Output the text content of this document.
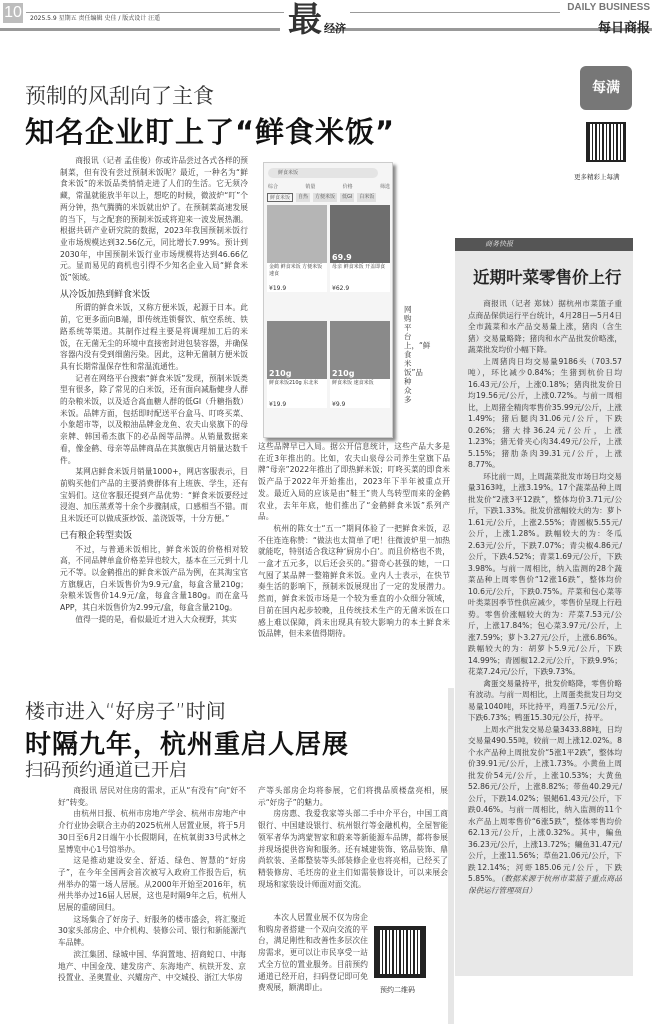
10 2025.5.9 星期五 责任编辑 史佳 / 版式设计 汪遥	最 经济
DAILY BUSINESS
每日商报
每满
更多精彩上每满
预制的风刮向了主食
知名企业盯上了“鲜食米饭”

商报讯（记者 孟佳俊）你或许品尝过各式各样的预制菜，但有没有尝过预制米饭呢？最近，一种名为“鲜食米饭”的米饭品类悄悄走进了人们的生活。它无须冷藏，常温就能放半年以上，想吃的时候，微波炉“叮”个两分钟，热气腾腾的米饭就出炉了。在预制菜高速发展的当下，与之配套的预制米饭或将迎来一波发展热潮。根据共研产业研究院的数据，2023年我国预制米饭行业市场规模达到32.56亿元，同比增长7.99%。预计到2030年，中国预制米饭行业市场规模将达到46.66亿元。显而易见的商机也引得不少知名企业入局“鲜食米饭”领域。

从冷饭加热到鲜食米饭

所谓的鲜食米饭，又称方便米饭，起源于日本。此前，它更多面向B端，即传统连锁餐饮、航空系统、铁路系统等渠道。其制作过程主要是将调理加工后的米饭，在无菌无尘的环境中直接密封进包装容器，并确保容器内没有受到细菌污染。因此，这种无菌制方便米饭具有长期常温保存性和常温流通性。

记者在网络平台搜索“鲜食米饭”发现，预制米饭类型有很多，除了常见的白米饭，还有面向减脂健身人群的杂粮米饭，以及适合高血糖人群的低GI（升糖指数）米饭。品牌方面，包括即时配送平台盒马、叮咚买菜、小象超市等，以及粮油品牌金龙鱼、农夫山泉旗下的母亲牌、韩国希杰旗下的必品阁等品牌。从销量数据来看，像金鹤、母亲等品牌商品在其旗舰店月销量达数千件。

某网店鲜食米饭月销量1000+，网店客服表示，目前购买他们产品的主要消费群体有上班族、学生，还有宝妈们。这位客服还提到产品优势：“鲜食米饭要经过浸泡、加压蒸煮等十余个步骤制成，口感相当不错。而且米饭还可以做成蛋炒饭、盖浇饭等，十分方便。”

已有粮企转型卖饭

不过，与普通米饭相比，鲜食米饭的价格相对较高，不同品牌单盒价格差异也较大，基本在三元到十几元不等。以金鹤推出的鲜食米饭产品为例，在其淘宝官方旗舰店，白米饭售价为9.9元/盒，每盒含量210g；杂粮米饭售价14.9元/盒，每盒含量180g。而在盒马APP，其白米饭售价为2.99元/盒，每盒含量210g。

值得一提的是，看似最近才进入大众视野，其实

鲜食米饭
综合	销量	价格	筛选
鲜食米饭	自热	方便米饭	低GI	白米饭
金鹤 鲜食米饭 方便米饭速食
¥19.9
69.9
母亲 鲜食米饭 开盖即食
¥62.9
210g
鲜食米饭210g 东北米
¥19.9
210g
鲜食米饭 速食米饭
¥9.9
网购平台上，“鲜食米饭”品种众多

这些品牌早已入局。据公开信息统计，这些产品大多是在近3年推出的。比如，农夫山泉母公司养生堂旗下品牌“母亲”2022年推出了即热鲜米饭；叮咚买菜的即食米饭产品于2022年开始推出，2023年下半年被重点开发。最近入局的应该是由“鞋王”贵人鸟转型而来的金鹤农业，去年年底，他们推出了“金鹤鲜食米饭”系列产品。

杭州的陈女士“五一”期间体验了一把鲜食米饭，忍不住连连称赞：“做法也太简单了吧！往微波炉里一加热就能吃，特别适合我这种‘厨房小白’。而且价格也不贵，一盒才五元多，以后还会买的。”猎奇心甚强的她，一口气囤了某品牌一整箱鲜食米饭。业内人士表示，在快节奏生活的影响下，预制米饭展现出了一定的发展潜力。然而，鲜食米饭市场是一个较为垂直的小众细分领域，目前在国内起步较晚，且传统技术生产的无菌米饭在口感上难以保障，尚未出现具有较大影响力的本土鲜食米饭品牌，但未来值得期待。

商务快报
近期叶菜零售价上行

商报讯（记者 郑妹）据杭州市菜篮子重点商品保供运行平台统计，4月28日—5月4日全市蔬菜和水产品交易量上涨，猪肉（含生猪）交易量略降；猪肉和水产品批发价略涨，蔬菜批发均价小幅下降。

上周猪肉日均交易量9186头（703.57吨），环比减少0.84%；生猪到杭价日均16.43元/公斤，上涨0.18%；猪肉批发价日均19.56元/公斤，上涨0.72%。与前一周相比，上周猪全精肉零售价35.99元/公斤，上涨1.49%；猪后腿肉31.06元/公斤，下跌0.26%；猪大排36.24元/公斤，上涨1.23%；猪无骨夹心肉34.49元/公斤，上涨5.15%；猪肋条肉39.31元/公斤，上涨8.77%。

环比前一周，上周蔬菜批发市场日均交易量3163吨，上涨3.19%。17个蔬菜品种上周批发价“2涨3平12跌”，整体均价3.71元/公斤，下跌1.33%。批发价涨幅较大的为：萝卜1.61元/公斤，上涨2.55%；青圆椒5.55元/公斤，上涨1.28%。跌幅较大的为：冬瓜2.63元/公斤，下跌7.07%；青尖椒4.86元/公斤，下跌4.52%；青菜1.69元/公斤，下跌3.98%。与前一周相比，纳入监测的28个蔬菜品种上周零售价“12涨16跌”，整体均价10.6元/公斤，下跌0.75%。芹菜和包心菜等叶类菜因季节性供应减少，零售价呈现上行趋势。零售价涨幅较大的为：芹菜7.53元/公斤，上涨17.84%；包心菜3.97元/公斤，上涨7.59%；萝卜3.27元/公斤，上涨6.86%。跌幅较大的为：胡萝卜5.9元/公斤，下跌14.99%；青圆椒12.2元/公斤，下跌9.9%；花菜7.24元/公斤，下跌9.73%。

禽蛋交易量持平，批发价略降，零售价略有波动。与前一周相比，上周蛋类批发日均交易量1040吨，环比持平，鸡蛋7.5元/公斤，下跌6.73%；鸭蛋15.30元/公斤，持平。

上周水产批发交易总量3433.88吨，日均交易量490.55吨，较前一周上涨12.02%。8个水产品种上周批发价“5涨1平2跌”，整体均价39.91元/公斤，上涨1.73%。小黄鱼上周批发价54元/公斤，上涨10.53%；大黄鱼52.86元/公斤，上涨8.82%；带鱼40.29元/公斤，下跌14.02%；银鲳61.43元/公斤，下跌0.46%。与前一周相比，纳入监测的11个水产品上周零售价“6涨5跌”，整体零售均价62.13元/公斤，上涨0.32%。其中，鳊鱼36.23元/公斤，上涨13.72%；鳙鱼31.47元/公斤，上涨11.56%；草鱼21.06元/公斤，下跌12.14%；河虾185.06元/公斤，下跌5.85%。（数据来源于杭州市菜篮子重点商品保供运行管理项目）

楼市进入“好房子”时间
时隔九年，杭州重启人居展
扫码预约通道已开启

商报讯 居民对住房的需求，正从“有没有”向“好不好”转变。

由杭州日报、杭州市房地产学会、杭州市房地产中介行业协会联合主办的2025杭州人居置业展，将于5月30日至6月2日端午小长假期间，在杭氧街33号武林之星博览中心1号馆举办。

这是推动建设安全、舒适、绿色、智慧的“好房子”，在今年全国两会首次被写入政府工作报告后，杭州举办的第一场人居展。从2000年开始至2016年，杭州共举办过16届人居展，这也是时隔9年之后，杭州人居展的重磅回归。

这场集合了好房子、好服务的楼市盛会，将汇聚近30家头部房企、中介机构、装修公司、银行和新能源汽车品牌。

滨江集团、绿城中国、华润置地、招商蛇口、中海地产、中国金茂、建发房产、东海地产、杭铁开发、京投置业、圣奥置业、兴耀房产、中交城投、浙江大华房

产等头部房企均将参展，它们将携品质楼盘亮相，展示“好房子”的魅力。

房房惠、我爱我家等头部二手中介平台，中国工商银行、中国建设银行、杭州银行等金融机构，全屋智能领军者华为鸿蒙智家和蔚来等新能源车品牌，都将参展并现场提供咨询和服务。还有城建装饰、铭品装饰、鼎尚软装、圣都整装等头部装修企业也将亮相，已经买了精装修房、毛坯房的业主们如需装修设计，可以来展会现场和家装设计师面对面交流。

本次人居置业展不仅为房企和购房者搭建一个双向交流的平台，满足刚性和改善性多层次住房需求，更可以让市民享受一站式全方位的置业服务。目前预约通道已经开启，扫码登记即可免费观展，额满即止。	预约二维码
